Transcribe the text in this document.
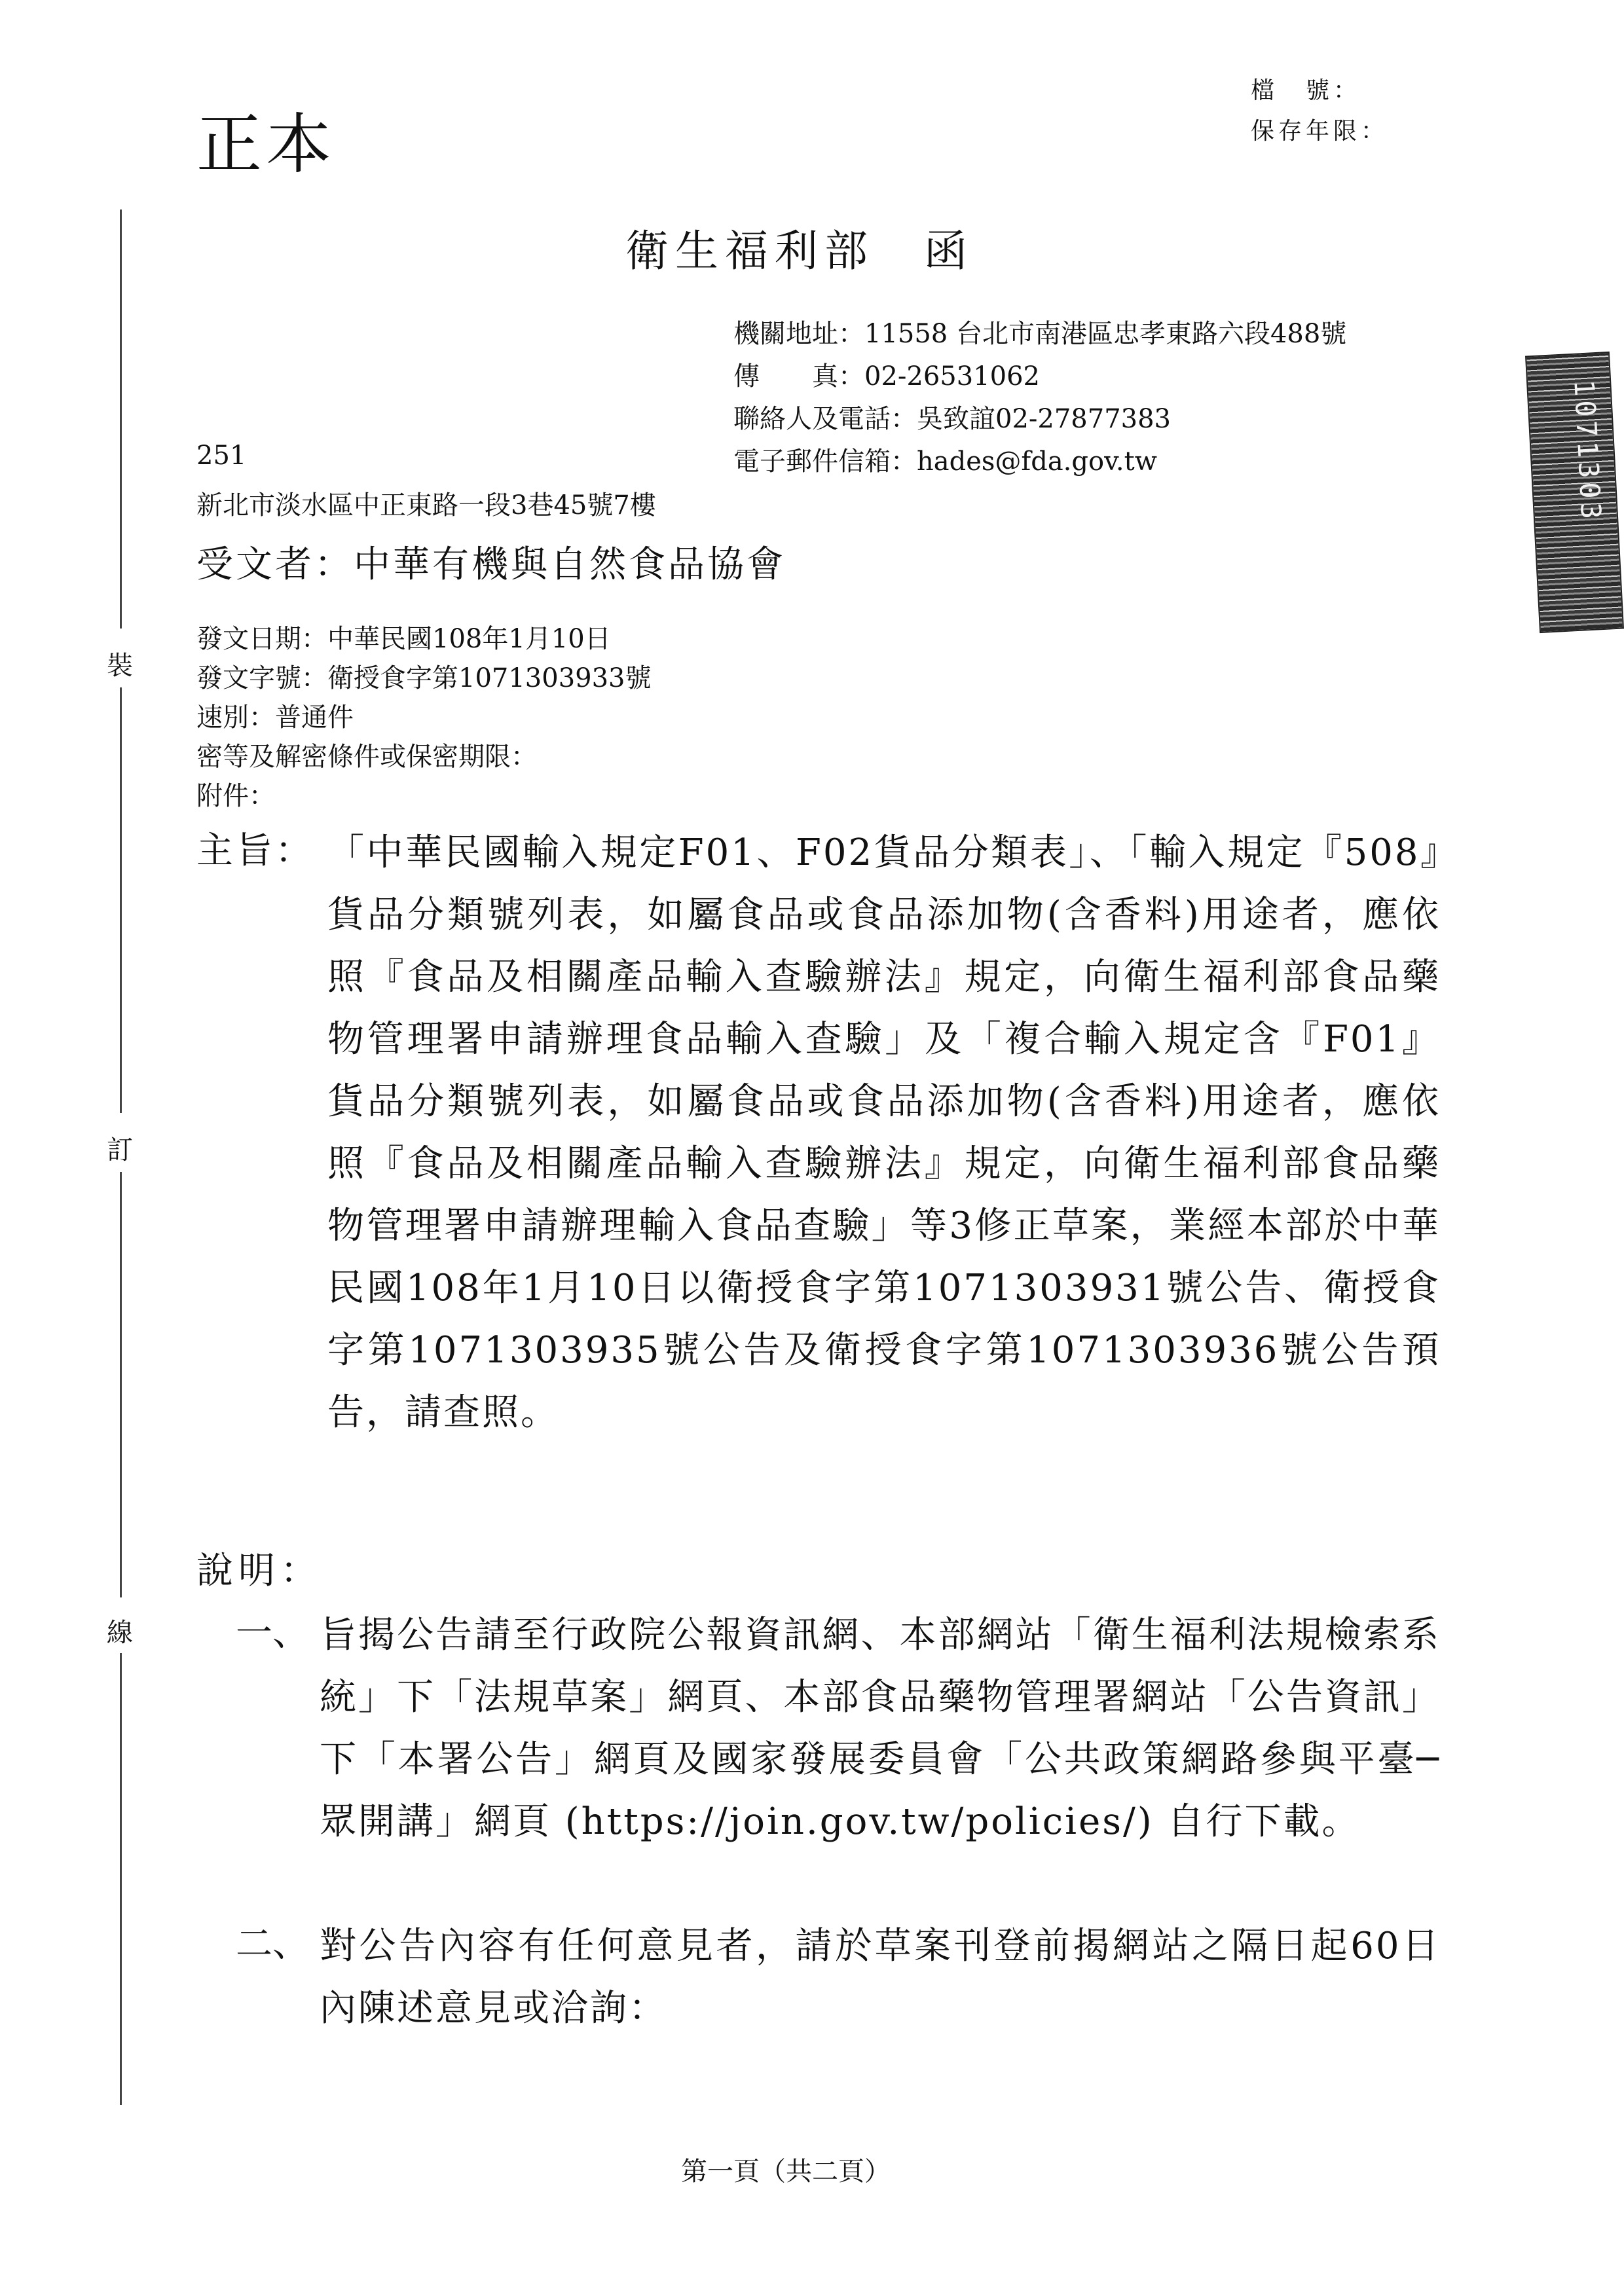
正本
檔　號：
保存年限：
衛生福利部　函
機關地址：11558 台北市南港區忠孝東路六段488號
傳　　真：02-26531062
聯絡人及電話：吳致誼02-27877383
電子郵件信箱：hades@fda.gov.tw
251
新北市淡水區中正東路一段3巷45號7樓
受文者：中華有機與自然食品協會
發文日期：中華民國108年1月10日
發文字號：衛授食字第1071303933號
速別：普通件
密等及解密條件或保密期限：
附件：
主旨： 「中華民國輸入規定F01、F02貨品分類表」、「輸入規定『508』貨品分類號列表，如屬食品或食品添加物(含香料)用途者，應依照『食品及相關產品輸入查驗辦法』規定，向衛生福利部食品藥物管理署申請辦理食品輸入查驗」及「複合輸入規定含『F01』貨品分類號列表，如屬食品或食品添加物(含香料)用途者，應依照『食品及相關產品輸入查驗辦法』規定，向衛生福利部食品藥物管理署申請辦理輸入食品查驗」等3修正草案，業經本部於中華民國108年1月10日以衛授食字第1071303931號公告、衛授食字第1071303935號公告及衛授食字第1071303936號公告預告，請查照。
說明：
一、 旨揭公告請至行政院公報資訊網、本部網站「衛生福利法規檢索系統」下「法規草案」網頁、本部食品藥物管理署網站「公告資訊」下「本署公告」網頁及國家發展委員會「公共政策網路參與平臺─眾開講」網頁 (https://join.gov.tw/policies/) 自行下載。
二、 對公告內容有任何意見者，請於草案刊登前揭網站之隔日起60日內陳述意見或洽詢：
第一頁（共二頁）
裝
訂
線
1071303
